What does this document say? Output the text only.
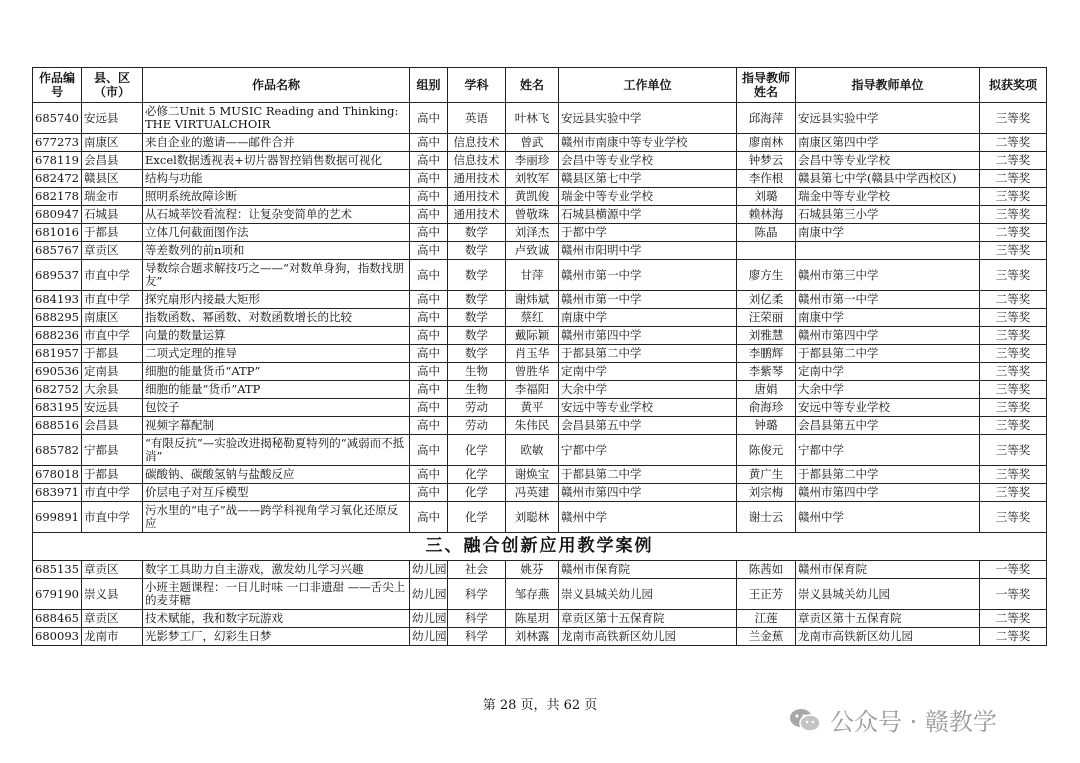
作品编号	县、区（市）	作品名称	组别	学科	姓名	工作单位	指导教师姓名	指导教师单位	拟获奖项
685740	安远县	必修二Unit 5 MUSIC Reading and Thinking: THE VIRTUALCHOIR	高中	英语	叶林飞	安远县实验中学	邱海萍	安远县实验中学	三等奖
677273	南康区	来自企业的邀请——邮件合并	高中	信息技术	曾武	赣州市南康中等专业学校	廖南林	南康区第四中学	二等奖
678119	会昌县	Excel数据透视表+切片器智控销售数据可视化	高中	信息技术	李丽珍	会昌中等专业学校	钟梦云	会昌中等专业学校	二等奖
682472	赣县区	结构与功能	高中	通用技术	刘牧军	赣县区第七中学	李作根	赣县第七中学(赣县中学西校区)	二等奖
682178	瑞金市	照明系统故障诊断	高中	通用技术	黄凯俊	瑞金中等专业学校	刘璐	瑞金中等专业学校	三等奖
680947	石城县	从石城莘饺看流程：让复杂变简单的艺术	高中	通用技术	曾敬珠	石城县横源中学	赖林海	石城县第三小学	三等奖
681016	于都县	立体几何截面图作法	高中	数学	刘泽杰	于都中学	陈晶	南康中学	二等奖
685767	章贡区	等差数列的前n项和	高中	数学	卢致诚	赣州市阳明中学			三等奖
689537	市直中学	导数综合题求解技巧之——“对数单身狗，指数找朋友”	高中	数学	甘萍	赣州市第一中学	廖方生	赣州市第三中学	三等奖
684193	市直中学	探究扇形内接最大矩形	高中	数学	谢炜斌	赣州市第一中学	刘亿柔	赣州市第一中学	二等奖
688295	南康区	指数函数、幂函数、对数函数增长的比较	高中	数学	蔡红	南康中学	汪荣丽	南康中学	三等奖
688236	市直中学	向量的数量运算	高中	数学	戴际颖	赣州市第四中学	刘雅慧	赣州市第四中学	三等奖
681957	于都县	二项式定理的推导	高中	数学	肖玉华	于都县第二中学	李鹏辉	于都县第二中学	三等奖
690536	定南县	细胞的能量货币“ATP”	高中	生物	曾胜华	定南中学	李紫琴	定南中学	三等奖
682752	大余县	细胞的能量“货币”ATP	高中	生物	李福阳	大余中学	唐娟	大余中学	三等奖
683195	安远县	包饺子	高中	劳动	黄平	安远中等专业学校	俞海珍	安远中等专业学校	三等奖
688516	会昌县	视频字幕配制	高中	劳动	朱伟民	会昌县第五中学	钟璐	会昌县第五中学	三等奖
685782	宁都县	“有限反抗”—实验改进揭秘勒夏特列的“减弱而不抵消”	高中	化学	欧敏	宁都中学	陈俊元	宁都中学	三等奖
678018	于都县	碳酸钠、碳酸氢钠与盐酸反应	高中	化学	谢焕宝	于都县第二中学	黄广生	于都县第二中学	三等奖
683971	市直中学	价层电子对互斥模型	高中	化学	冯英建	赣州市第四中学	刘宗梅	赣州市第四中学	三等奖
699891	市直中学	污水里的“电子”战——跨学科视角学习氧化还原反应	高中	化学	刘聪林	赣州中学	谢士云	赣州中学	三等奖
三、融合创新应用教学案例									
685135	章贡区	数字工具助力自主游戏，激发幼儿学习兴趣	幼儿园	社会	姚芬	赣州市保育院	陈茜如	赣州市保育院	一等奖
679190	崇义县	小班主题课程：一日儿时味 一口非遗甜 ——舌尖上的麦芽糖	幼儿园	科学	邹存燕	崇义县城关幼儿园	王正芳	崇义县城关幼儿园	一等奖
688465	章贡区	技术赋能，我和数字玩游戏	幼儿园	科学	陈星玥	章贡区第十五保育院	江莲	章贡区第十五保育院	二等奖
680093	龙南市	光影梦工厂，幻彩生日梦	幼儿园	科学	刘林露	龙南市高铁新区幼儿园	兰金蕉	龙南市高铁新区幼儿园	二等奖
第 28 页，共 62 页
公众号 · 赣教学
